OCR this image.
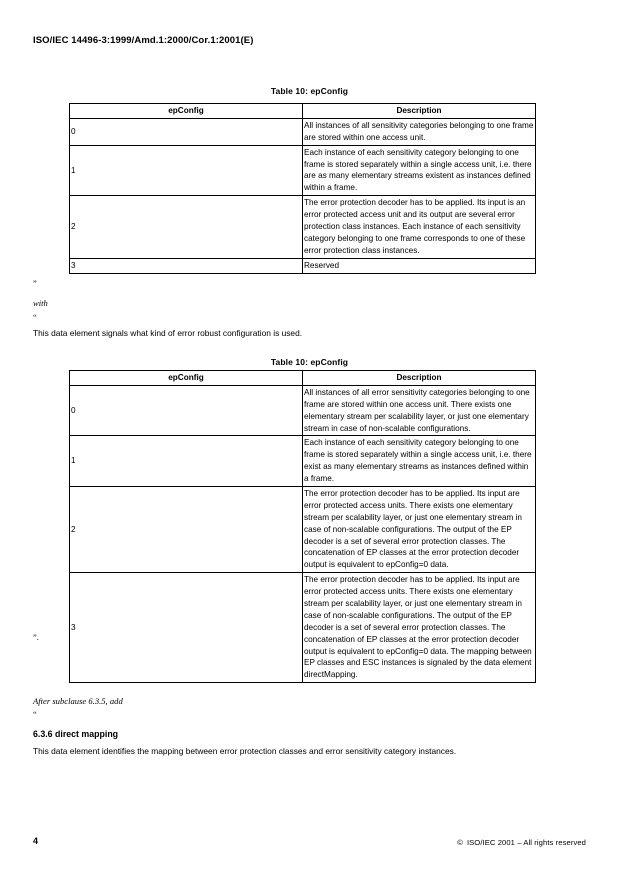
ISO/IEC 14496-3:1999/Amd.1:2000/Cor.1:2001(E)
Table 10: epConfig
epConfig	Description
0	All instances of all sensitivity categories belonging to one frame are stored within one access unit.
1	Each instance of each sensitivity category belonging to one frame is stored separately within a single access unit, i.e. there are as many elementary streams existent as instances defined within a frame.
2	The error protection decoder has to be applied. Its input is an error protected access unit and its output are several error protection class instances. Each instance of each sensitivity category belonging to one frame corresponds to one of these error protection class instances.
3	Reserved
”
with
“
This data element signals what kind of error robust configuration is used.
Table 10: epConfig
epConfig	Description
0	All instances of all error sensitivity categories belonging to one frame are stored within one access unit. There exists one elementary stream per scalability layer, or just one elementary stream in case of non-scalable configurations.
1	Each instance of each sensitivity category belonging to one frame is stored separately within a single access unit, i.e. there exist as many elementary streams as instances defined within a frame.
2	The error protection decoder has to be applied. Its input are error protected access units. There exists one elementary stream per scalability layer, or just one elementary stream in case of non-scalable configurations. The output of the EP decoder is a set of several error protection classes. The concatenation of EP classes at the error protection decoder output is equivalent to epConfig=0 data.
3	The error protection decoder has to be applied. Its input are error protected access units. There exists one elementary stream per scalability layer, or just one elementary stream in case of non-scalable configurations. The output of the EP decoder is a set of several error protection classes. The concatenation of EP classes at the error protection decoder output is equivalent to epConfig=0 data. The mapping between EP classes and ESC instances is signaled by the data element directMapping.
”.
After subclause 6.3.5, add
“
6.3.6 direct mapping
This data element identifies the mapping between error protection classes and error sensitivity category instances.
4	© ISO/IEC 2001 – All rights reserved
